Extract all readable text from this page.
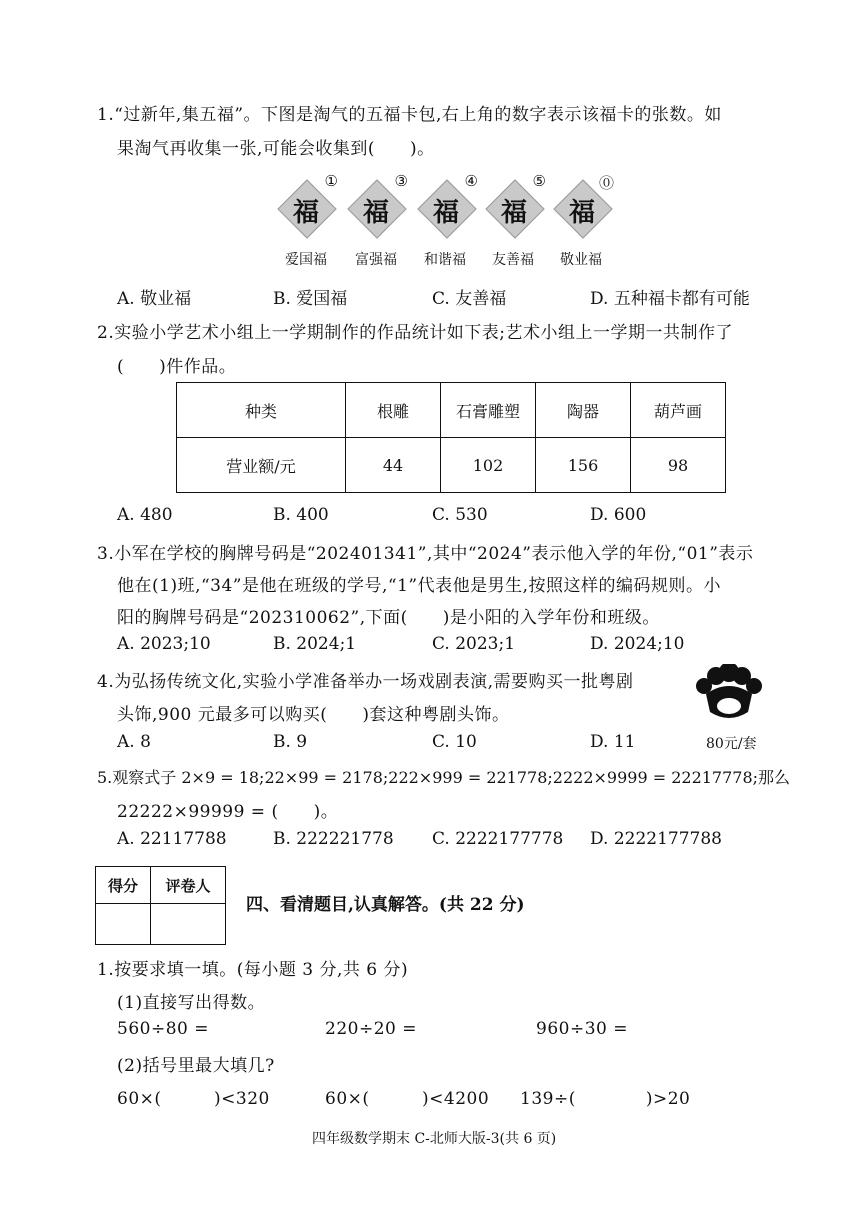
1.“过新年,集五福”。下图是淘气的五福卡包,右上角的数字表示该福卡的张数。如
果淘气再收集一张,可能会收集到(　　)。
福
①
福
③
福
④
福
⑤
福
⓪
爱国福	富强福	和谐福	友善福	敬业福
A. 敬业福	B. 爱国福	C. 友善福	D. 五种福卡都有可能
2.实验小学艺术小组上一学期制作的作品统计如下表;艺术小组上一学期一共制作了
(　　)件作品。
种类	根雕	石膏雕塑	陶器	葫芦画
营业额/元	44	102	156	98
A. 480	B. 400	C. 530	D. 600
3.小军在学校的胸牌号码是“202401341”,其中“2024”表示他入学的年份,“01”表示
他在(1)班,“34”是他在班级的学号,“1”代表他是男生,按照这样的编码规则。小
阳的胸牌号码是“202310062”,下面(　　)是小阳的入学年份和班级。
A. 2023;10	B. 2024;1	C. 2023;1	D. 2024;10
4.为弘扬传统文化,实验小学准备举办一场戏剧表演,需要购买一批粤剧
头饰,900 元最多可以购买(　　)套这种粤剧头饰。
80元/套
A. 8	B. 9	C. 10	D. 11
5.观察式子 2×9 = 18;22×99 = 2178;222×999 = 221778;2222×9999 = 22217778;那么
22222×99999 = (　　)。
A. 22117788	B. 222221778 C. 2222177778 D. 2222177788
得分	评卷人

四、看清题目,认真解答。(共 22 分)
1.按要求填一填。(每小题 3 分,共 6 分)
(1)直接写出得数。
560÷80 =	220÷20 =	960÷30 =
(2)括号里最大填几?
60×(　　　)<320	60×(　　　)<4200 139÷(　　　　)>20
四年级数学期末 C-北师大版-3(共 6 页)
